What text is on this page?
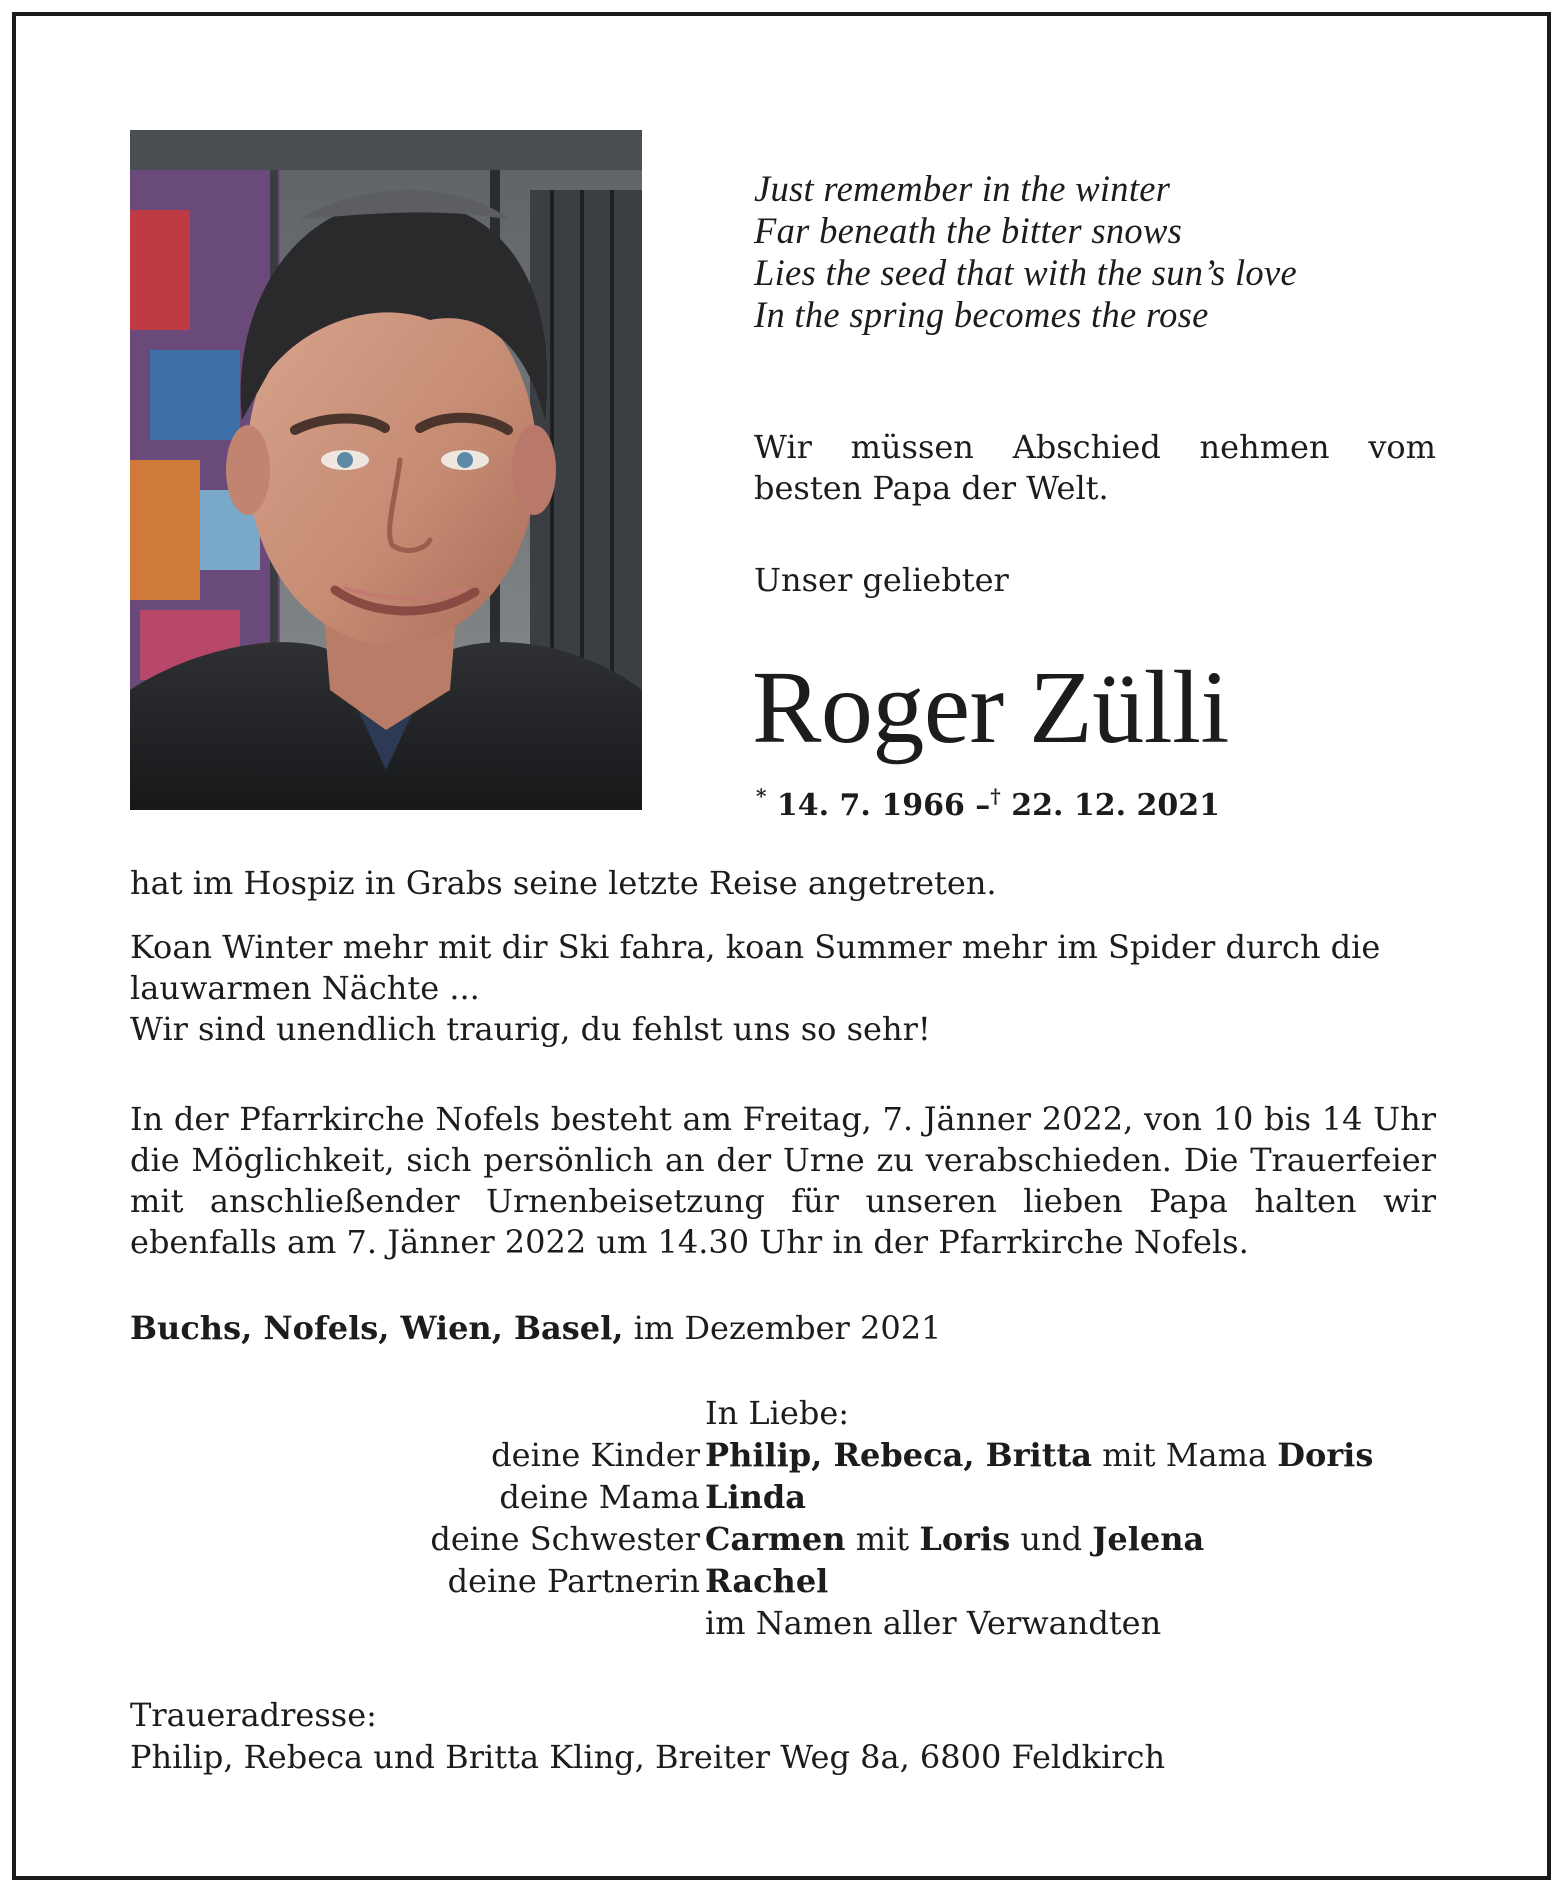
Just remember in the winter
Far beneath the bitter snows
Lies the seed that with the sun’s love
In the spring becomes the rose
Wir müssen Abschied nehmen vom besten Papa der Welt.
Unser geliebter
Roger Zülli
* 14. 7. 1966 –† 22. 12. 2021
hat im Hospiz in Grabs seine letzte Reise angetreten.
Koan Winter mehr mit dir Ski fahra, koan Summer mehr im Spider durch die
lauwarmen Nächte ...
Wir sind unendlich traurig, du fehlst uns so sehr!
In der Pfarrkirche Nofels besteht am Freitag, 7. Jänner 2022, von 10 bis 14 Uhr die Möglichkeit, sich persönlich an der Urne zu verabschieden. Die Trauerfeier mit anschließender Urnenbeisetzung für unseren lieben Papa halten wir ebenfalls am 7. Jänner 2022 um 14.30 Uhr in der Pfarrkirche Nofels.
Buchs, Nofels, Wien, Basel, im Dezember 2021
In Liebe:
deine Kinder Philip, Rebeca, Britta mit Mama Doris
deine Mama Linda
deine Schwester Carmen mit Loris und Jelena
deine Partnerin Rachel
im Namen aller Verwandten
Traueradresse:
Philip, Rebeca und Britta Kling, Breiter Weg 8a, 6800 Feldkirch
